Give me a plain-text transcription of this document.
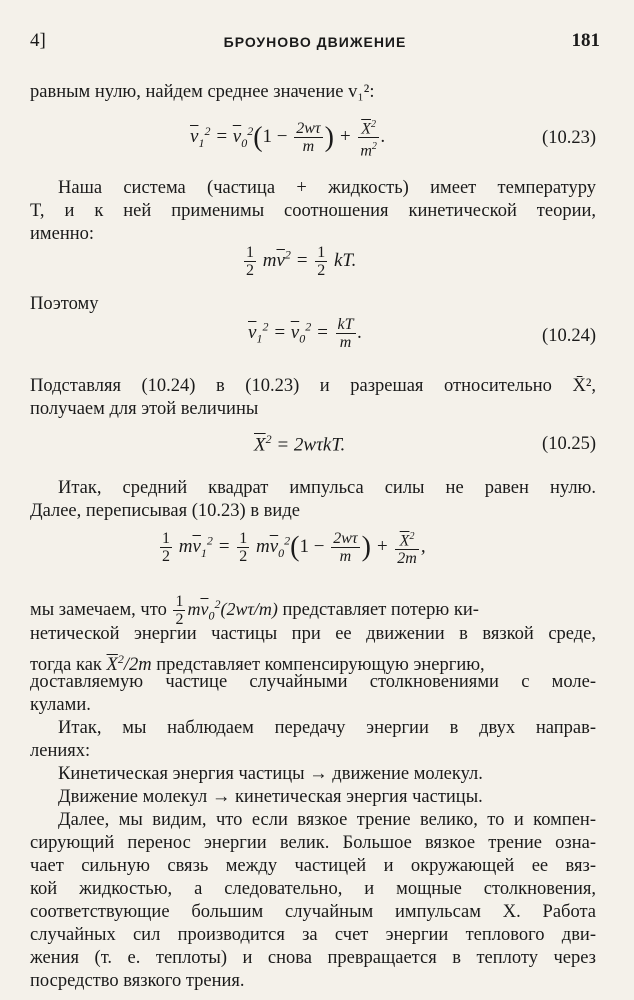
4]	БРОУНОВО ДВИЖЕНИЕ	181
равным нулю, найдем среднее значение v₁²:
$\overline{v}_1^2 = \overline{v}_0^2(1 - \frac{2w\tau}{m}$ ) + $\frac{\overline{X}^2}{m^2}$ .	(10.23)
Наша система (частица + жидкость) имеет температуру
T, и к ней применимы соотношения кинетической теории,
именно:
$\frac{1}{2} m\overline{v}^2 = \frac{1}{2}$ kT.
Поэтому
$\overline{v}_1^2 = \overline{v}_0^2 = \frac{kT}{m}$ .	(10.24)
Подставляя (10.24) в (10.23) и разрешая относительно X̄²,
получаем для этой величины
$\overline{X}^2 = 2w\tau kT$.	(10.25)
Итак, средний квадрат импульса силы не равен нулю.
Далее, переписывая (10.23) в виде
$\frac{1}{2} m\overline{v}_1^2 = \frac{1}{2} m\overline{v}_0^2(1 - \frac{2w\tau}{m}$ ) + $\frac{\overline{X}^2}{2m}$ ,
мы замечаем, что $\frac{1}{2} m\overline{v}_0^2(2w\tau/m)$ представляет потерю ки-
нетической энергии частицы при ее движении в вязкой среде,
тогда как $\overline{X}^2/2m$ представляет компенсирующую энергию,
доставляемую частице случайными столкновениями с моле-
кулами.
Итак, мы наблюдаем передачу энергии в двух направ-
лениях:
Кинетическая энергия частицы → движение молекул.
Движение молекул → кинетическая энергия частицы.
Далее, мы видим, что если вязкое трение велико, то и компен-
сирующий перенос энергии велик. Большое вязкое трение озна-
чает сильную связь между частицей и окружающей ее вяз-
кой жидкостью, а следовательно, и мощные столкновения,
соответствующие большим случайным импульсам X. Работа
случайных сил производится за счет энергии теплового дви-
жения (т. е. теплоты) и снова превращается в теплоту через
посредство вязкого трения.
